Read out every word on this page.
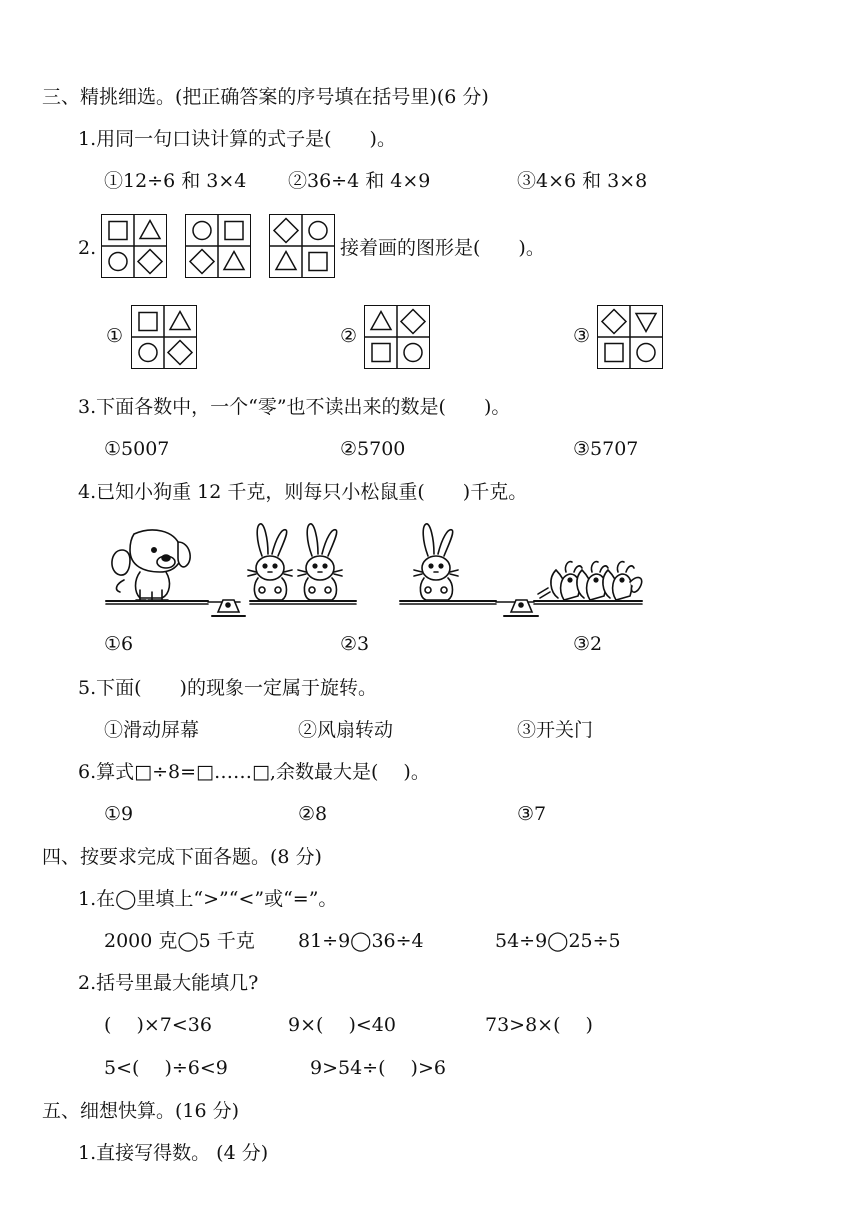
三、精挑细选。(把正确答案的序号填在括号里)(6 分)
1.用同一句口诀计算的式子是(　　)。
①12÷6 和 3×4 ②36÷4 和 4×9	③4×6 和 3×8
2.	接着画的图形是(　　)。
①	②	③
3.下面各数中，一个“零”也不读出来的数是(　　)。
①5007	②5700	③5707
4.已知小狗重 12 千克，则每只小松鼠重(　　)千克。
①6	②3	③2
5.下面(　　)的现象一定属于旋转。
①滑动屏幕	②风扇转动	③开关门
6.算式□÷8=□……□,余数最大是(　 )。
①9	②8	③7
四、按要求完成下面各题。(8 分)
1.在◯里填上“>”“<”或“=”。
2000 克◯5 千克 81÷9◯36÷4	54÷9◯25÷5
2.括号里最大能填几?
(　 )×7<36	9×(　 )<40	73>8×(　 )
5<(　 )÷6<9	9>54÷(　 )>6
五、细想快算。(16 分)
1.直接写得数。 (4 分)
